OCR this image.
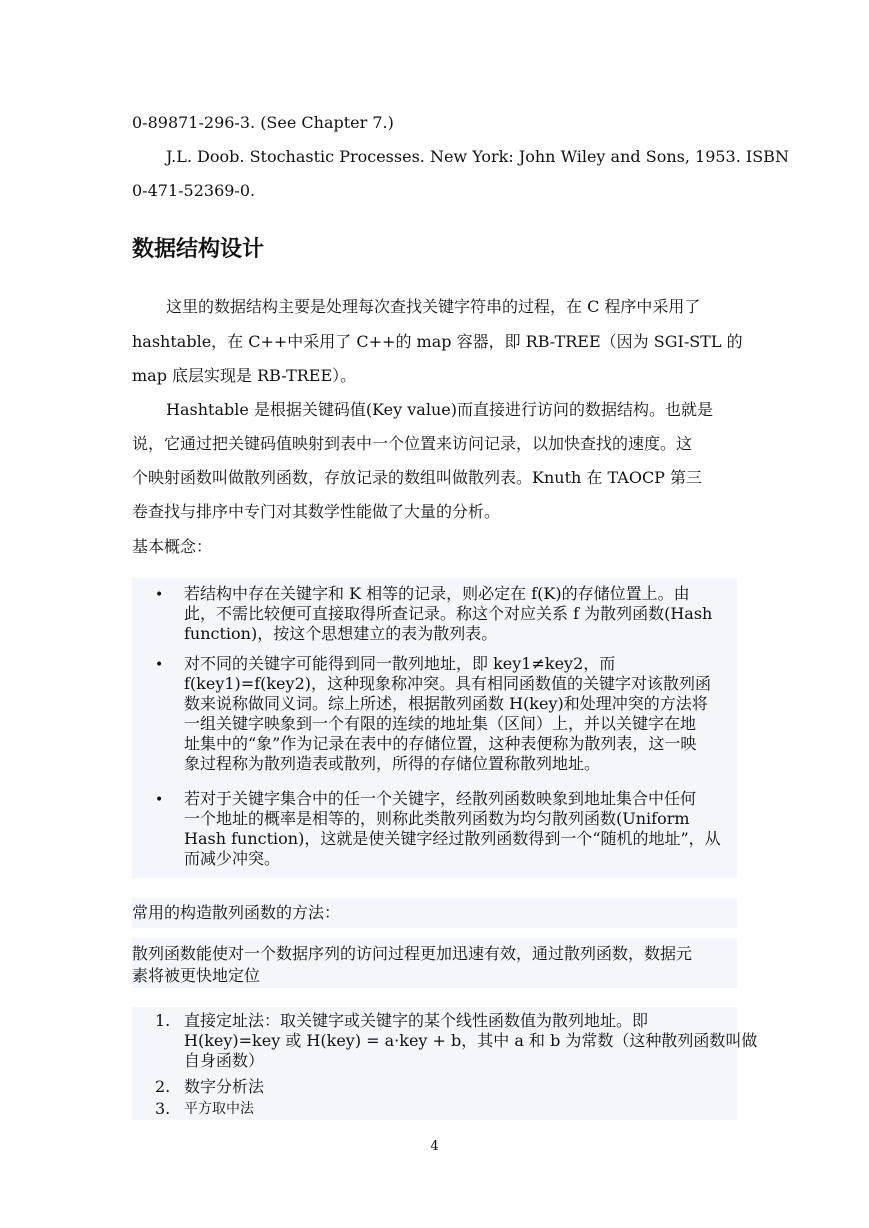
0-89871-296-3. (See Chapter 7.)
J.L. Doob. Stochastic Processes. New York: John Wiley and Sons, 1953. ISBN
0-471-52369-0.
数据结构设计
这里的数据结构主要是处理每次查找关键字符串的过程，在 C 程序中采用了
hashtable，在 C++中采用了 C++的 map 容器，即 RB-TREE（因为 SGI-STL 的
map 底层实现是 RB-TREE）。
Hashtable 是根据关键码值(Key value)而直接进行访问的数据结构。也就是
说，它通过把关键码值映射到表中一个位置来访问记录，以加快查找的速度。这
个映射函数叫做散列函数，存放记录的数组叫做散列表。Knuth 在 TAOCP 第三
卷查找与排序中专门对其数学性能做了大量的分析。
基本概念：
• 若结构中存在关键字和 K 相等的记录，则必定在 f(K)的存储位置上。由
此，不需比较便可直接取得所查记录。称这个对应关系 f 为散列函数(Hash
function)，按这个思想建立的表为散列表。
• 对不同的关键字可能得到同一散列地址，即 key1≠key2，而
f(key1)=f(key2)，这种现象称冲突。具有相同函数值的关键字对该散列函
数来说称做同义词。综上所述，根据散列函数 H(key)和处理冲突的方法将
一组关键字映象到一个有限的连续的地址集（区间）上，并以关键字在地
址集中的“象”作为记录在表中的存储位置，这种表便称为散列表，这一映
象过程称为散列造表或散列，所得的存储位置称散列地址。
• 若对于关键字集合中的任一个关键字，经散列函数映象到地址集合中任何
一个地址的概率是相等的，则称此类散列函数为均匀散列函数(Uniform
Hash function)，这就是使关键字经过散列函数得到一个“随机的地址”，从
而减少冲突。
常用的构造散列函数的方法：
散列函数能使对一个数据序列的访问过程更加迅速有效，通过散列函数，数据元
素将被更快地定位
1. 直接定址法：取关键字或关键字的某个线性函数值为散列地址。即
H(key)=key 或 H(key) = a·key + b，其中 a 和 b 为常数（这种散列函数叫做
自身函数）
2. 数字分析法
3. 平方取中法
4
